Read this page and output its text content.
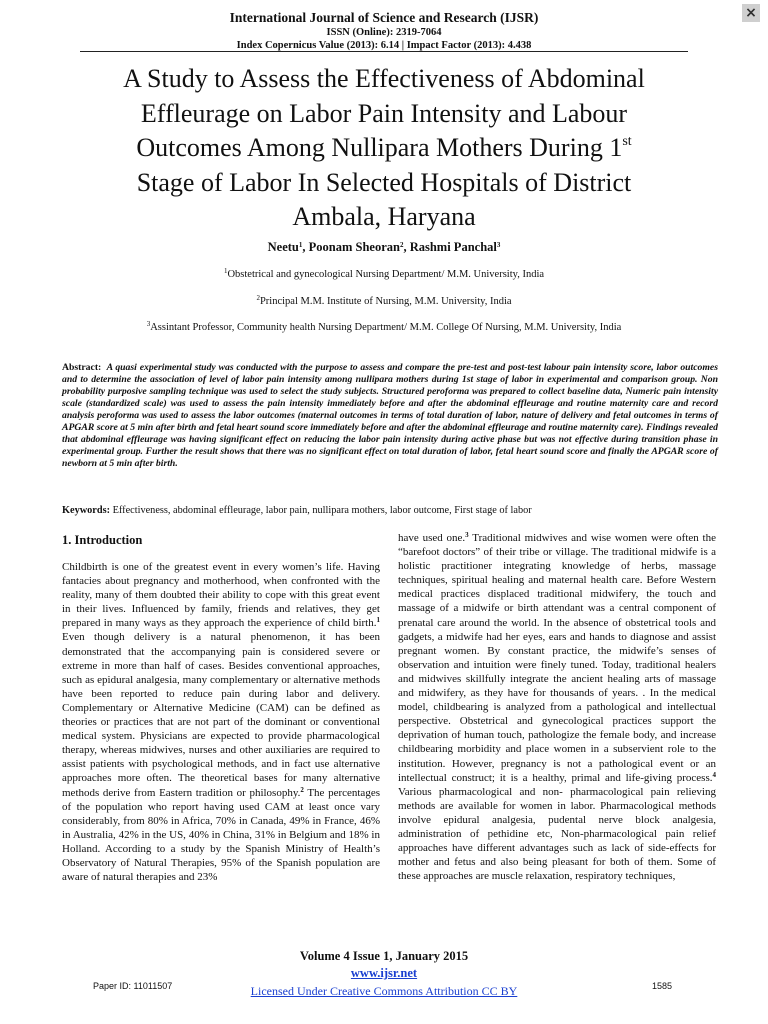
×
International Journal of Science and Research (IJSR)
ISSN (Online): 2319-7064
Index Copernicus Value (2013): 6.14 | Impact Factor (2013): 4.438
A Study to Assess the Effectiveness of Abdominal
Effleurage on Labor Pain Intensity and Labour
Outcomes Among Nullipara Mothers During 1st
Stage of Labor In Selected Hospitals of District
Ambala, Haryana
Neetu$^1$, Poonam Sheoran$^2$, Rashmi Panchal$^3$
$^1$Obstetrical and gynecological Nursing Department/ M.M. University, India
$^2$Principal M.M. Institute of Nursing, M.M. University, India
$^3$Assintant Professor, Community health Nursing Department/ M.M. College Of Nursing, M.M. University, India
Abstract: A quasi experimental study was conducted with the purpose to assess and compare the pre-test and post-test labour pain intensity score, labor outcomes and to determine the association of level of labor pain intensity among nullipara mothers during 1st stage of labor in experimental and comparison group. Non probability purposive sampling technique was used to select the study subjects. Structured peroforma was prepared to collect baseline data, Numeric pain intensity scale (standardized scale) was used to assess the pain intensity immediately before and after the abdominal effleurage and routine maternity care and record analysis peroforma was used to assess the labor outcomes (maternal outcomes in terms of total duration of labor, nature of delivery and fetal outcomes in terms of APGAR score at 5 min after birth and fetal heart sound score immediately before and after the abdominal effleurage and routine maternity care). Findings revealed that abdominal effleurage was having significant effect on reducing the labor pain intensity during active phase but was not effective during transition phase in experimental group. Further the result shows that there was no significant effect on total duration of labor, fetal heart sound score and finally the APGAR score of newborn at 5 min after birth.
Keywords: Effectiveness, abdominal effleurage, labor pain, nullipara mothers, labor outcome, First stage of labor
1. Introduction

Childbirth is one of the greatest event in every women’s life. Having fantacies about pregnancy and motherhood, when confronted with the reality, many of them doubted their ability to cope with this great event in their lives. Influenced by family, friends and relatives, they get prepared in many ways as they approach the experience of child birth.$^1$ Even though delivery is a natural phenomenon, it has been demonstrated that the accompanying pain is considered severe or extreme in more than half of cases. Besides conventional approaches, such as epidural analgesia, many complementary or alternative methods have been reported to reduce pain during labor and delivery. Complementary or Alternative Medicine (CAM) can be defined as theories or practices that are not part of the dominant or conventional medical system. Physicians are expected to provide pharmacological therapy, whereas midwives, nurses and other auxiliaries are required to assist patients with psychological methods, and in fact use alternative approaches more often. The theoretical bases for many alternative methods derive from Eastern tradition or philosophy.$^2$ The percentages of the population who report having used CAM at least once vary considerably, from 80% in Africa, 70% in Canada, 49% in France, 46% in Australia, 42% in the US, 40% in China, 31% in Belgium and 18% in Holland. According to a study by the Spanish Ministry of Health’s Observatory of Natural Therapies, 95% of the Spanish population are aware of natural therapies and 23%

have used one.$^3$ Traditional midwives and wise women were often the “barefoot doctors” of their tribe or village. The traditional midwife is a holistic practitioner integrating knowledge of herbs, massage techniques, spiritual healing and maternal health care. Before Western medical practices displaced traditional midwifery, the touch and massage of a midwife or birth attendant was a central component of prenatal care around the world. In the absence of obstetrical tools and gadgets, a midwife had her eyes, ears and hands to diagnose and assist pregnant women. By constant practice, the midwife’s senses of observation and intuition were finely tuned. Today, traditional healers and midwives skillfully integrate the ancient healing arts of massage and midwifery, as they have for thousands of years. . In the medical model, childbearing is analyzed from a pathological and intellectual perspective. Obstetrical and gynecological practices support the deprivation of human touch, pathologize the female body, and increase childbearing morbidity and place women in a subservient role to the institution. However, pregnancy is not a pathological event or an intellectual construct; it is a healthy, primal and life-giving process.$^4$ Various pharmacological and non- pharmacological pain relieving methods are available for women in labor. Pharmacological methods involve epidural analgesia, pudental nerve block analgesia, administration of pethidine etc, Non-pharmacological pain relief approaches have different advantages such as lack of side-effects for mother and fetus and also being pleasant for both of them. Some of these approaches are muscle relaxation, respiratory techniques,

Volume 4 Issue 1, January 2015
www.ijsr.net
Licensed Under Creative Commons Attribution CC BY
Paper ID: 11011507	1585
